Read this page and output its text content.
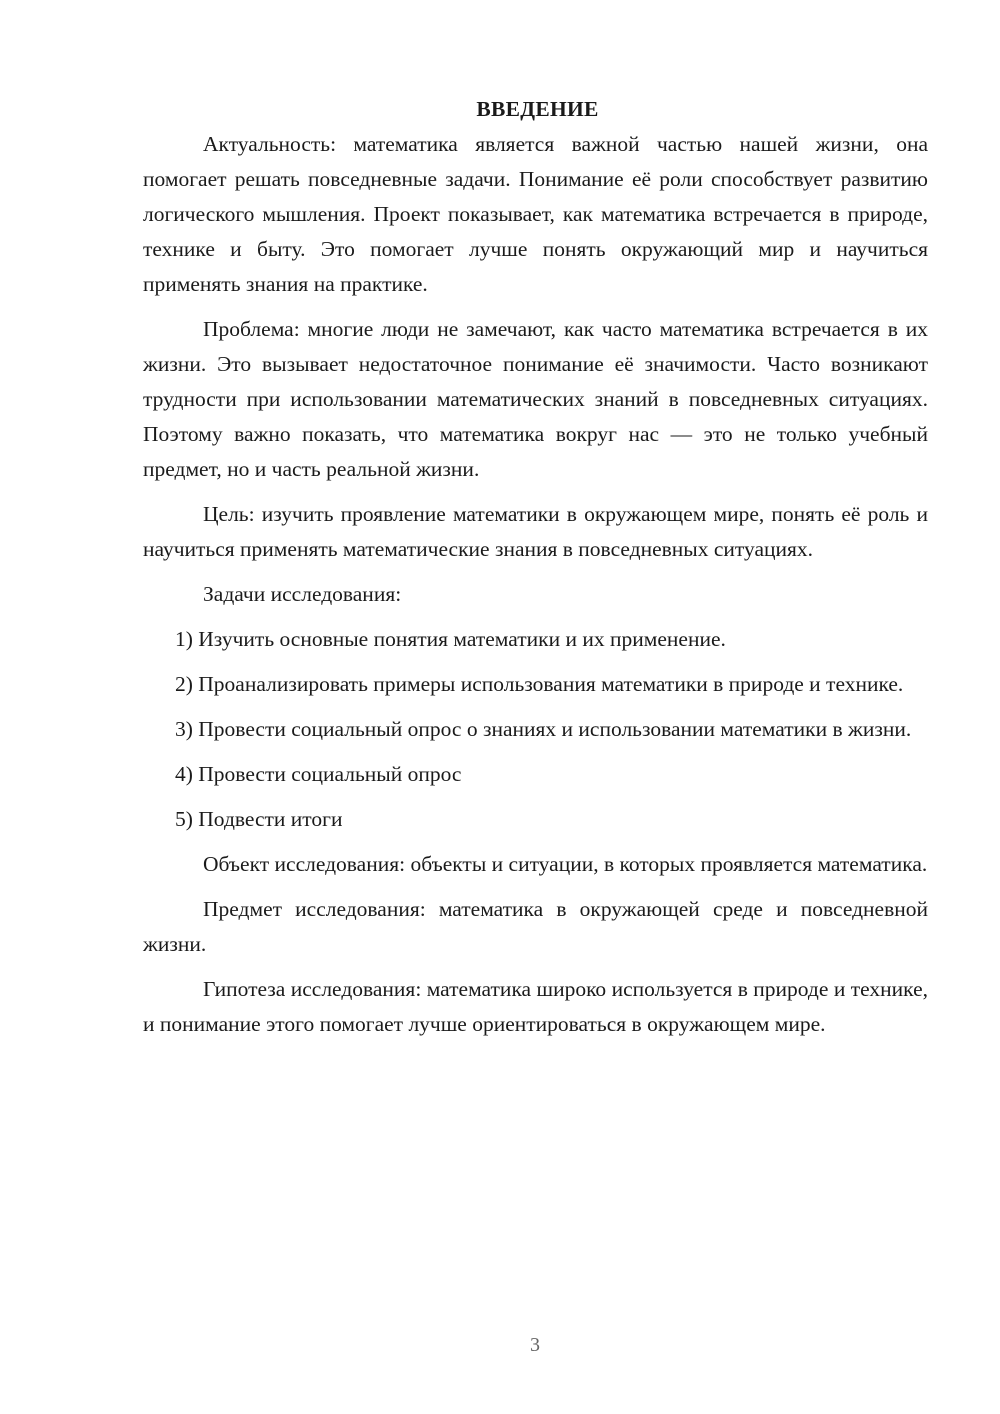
ВВЕДЕНИЕ

Актуальность: математика является важной частью нашей жизни, она помогает решать повседневные задачи. Понимание её роли способствует развитию логического мышления. Проект показывает, как математика встречается в природе, технике и быту. Это помогает лучше понять окружающий мир и научиться применять знания на практике.

Проблема: многие люди не замечают, как часто математика встречается в их жизни. Это вызывает недостаточное понимание её значимости. Часто возникают трудности при использовании математических знаний в повседневных ситуациях. Поэтому важно показать, что математика вокруг нас — это не только учебный предмет, но и часть реальной жизни.

Цель: изучить проявление математики в окружающем мире, понять её роль и научиться применять математические знания в повседневных ситуациях.

Задачи исследования:

1) Изучить основные понятия математики и их применение.

2) Проанализировать примеры использования математики в природе и технике.

3) Провести социальный опрос о знаниях и использовании математики в жизни.

4) Провести социальный опрос

5) Подвести итоги

Объект исследования: объекты и ситуации, в которых проявляется математика.

Предмет исследования: математика в окружающей среде и повседневной жизни.

Гипотеза исследования: математика широко используется в природе и технике, и понимание этого помогает лучше ориентироваться в окружающем мире.

3
